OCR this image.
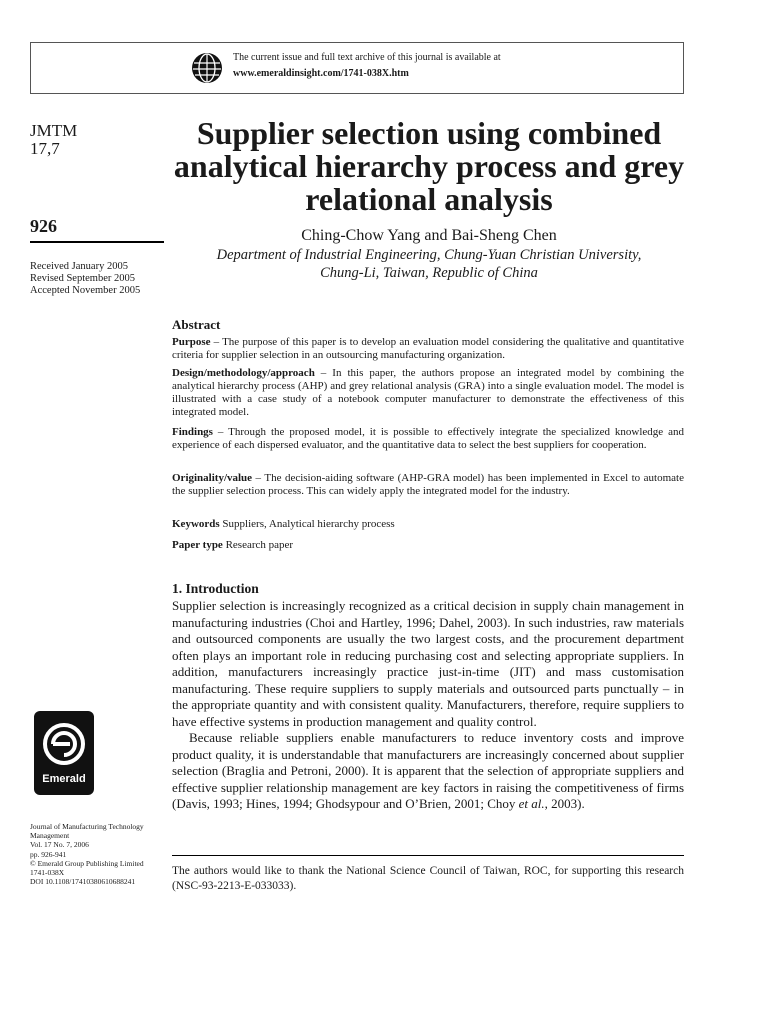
The current issue and full text archive of this journal is available at
www.emeraldinsight.com/1741-038X.htm
JMTM
17,7
926
Received January 2005
Revised September 2005
Accepted November 2005
Supplier selection using combined analytical hierarchy process and grey relational analysis
Ching-Chow Yang and Bai-Sheng Chen
Department of Industrial Engineering, Chung-Yuan Christian University,
Chung-Li, Taiwan, Republic of China
Abstract
Purpose – The purpose of this paper is to develop an evaluation model considering the qualitative and quantitative criteria for supplier selection in an outsourcing manufacturing organization.
Design/methodology/approach – In this paper, the authors propose an integrated model by combining the analytical hierarchy process (AHP) and grey relational analysis (GRA) into a single evaluation model. The model is illustrated with a case study of a notebook computer manufacturer to demonstrate the effectiveness of this integrated model.
Findings – Through the proposed model, it is possible to effectively integrate the specialized knowledge and experience of each dispersed evaluator, and the quantitative data to select the best suppliers for cooperation.
Originality/value – The decision-aiding software (AHP-GRA model) has been implemented in Excel to automate the supplier selection process. This can widely apply the integrated model for the industry.
Keywords Suppliers, Analytical hierarchy process
Paper type Research paper
1. Introduction

Supplier selection is increasingly recognized as a critical decision in supply chain management in manufacturing industries (Choi and Hartley, 1996; Dahel, 2003). In such industries, raw materials and outsourced components are usually the two largest costs, and the procurement department often plays an important role in reducing purchasing cost and selecting appropriate suppliers. In addition, manufacturers increasingly practice just-in-time (JIT) and mass customisation manufacturing. These require suppliers to supply materials and outsourced parts punctually – in the appropriate quantity and with consistent quality. Manufacturers, therefore, require suppliers to have effective systems in production management and quality control.

Because reliable suppliers enable manufacturers to reduce inventory costs and improve product quality, it is understandable that manufacturers are increasingly concerned about supplier selection (Braglia and Petroni, 2000). It is apparent that the selection of appropriate suppliers and effective supplier relationship management are key factors in raising the competitiveness of firms (Davis, 1993; Hines, 1994; Ghodsypour and O’Brien, 2001; Choy et al., 2003).

The authors would like to thank the National Science Council of Taiwan, ROC, for supporting this research (NSC-93-2213-E-033033).
Emerald
Journal of Manufacturing Technology
Management
Vol. 17 No. 7, 2006
pp. 926-941
© Emerald Group Publishing Limited
1741-038X
DOI 10.1108/17410380610688241
